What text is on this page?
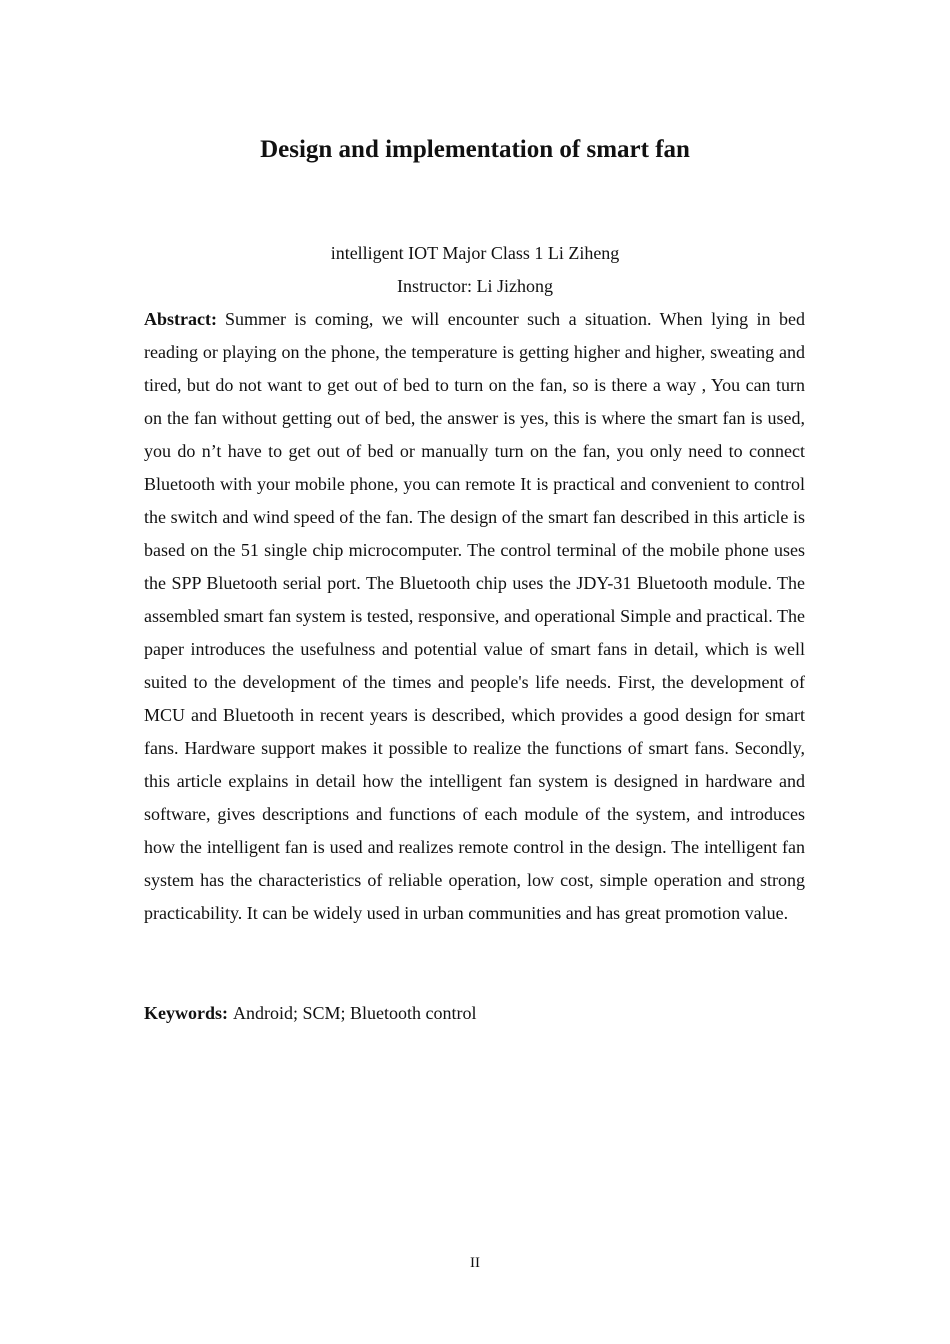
Design and implementation of smart fan
intelligent IOT Major Class 1 Li Ziheng
Instructor: Li Jizhong

Abstract: Summer is coming, we will encounter such a situation. When lying in bed reading or playing on the phone, the temperature is getting higher and higher, sweating and tired, but do not want to get out of bed to turn on the fan, so is there a way , You can turn on the fan without getting out of bed, the answer is yes, this is where the smart fan is used, you do n’t have to get out of bed or manually turn on the fan, you only need to connect Bluetooth with your mobile phone, you can remote It is practical and convenient to control the switch and wind speed of the fan. The design of the smart fan described in this article is based on the 51 single chip microcomputer. The control terminal of the mobile phone uses the SPP Bluetooth serial port. The Bluetooth chip uses the JDY-31 Bluetooth module. The assembled smart fan system is tested, responsive, and operational Simple and practical. The paper introduces the usefulness and potential value of smart fans in detail, which is well suited to the development of the times and people's life needs. First, the development of MCU and Bluetooth in recent years is described, which provides a good design for smart fans. Hardware support makes it possible to realize the functions of smart fans. Secondly, this article explains in detail how the intelligent fan system is designed in hardware and software, gives descriptions and functions of each module of the system, and introduces how the intelligent fan is used and realizes remote control in the design. The intelligent fan system has the characteristics of reliable operation, low cost, simple operation and strong practicability. It can be widely used in urban communities and has great promotion value.

Keywords: Android; SCM; Bluetooth control

II
